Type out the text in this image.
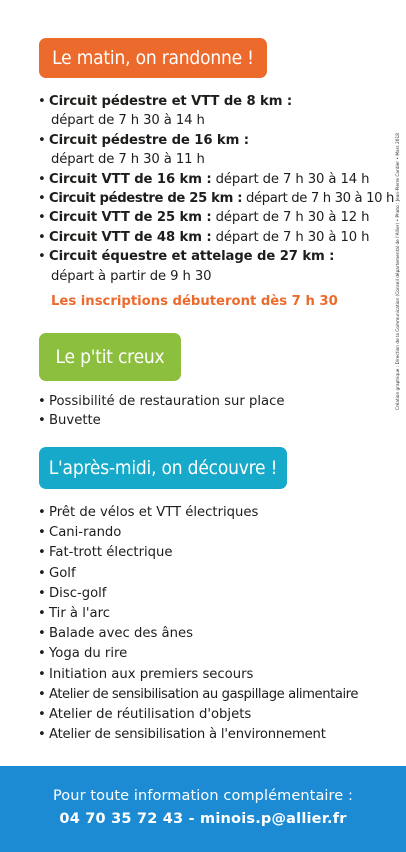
Le matin, on randonne !
• Circuit pédestre et VTT de 8 km :
départ de 7 h 30 à 14 h
• Circuit pédestre de 16 km :
départ de 7 h 30 à 11 h
• Circuit VTT de 16 km : départ de 7 h 30 à 14 h
• Circuit pédestre de 25 km : départ de 7 h 30 à 10 h
• Circuit VTT de 25 km : départ de 7 h 30 à 12 h
• Circuit VTT de 48 km : départ de 7 h 30 à 10 h
• Circuit équestre et attelage de 27 km :
départ à partir de 9 h 30
Les inscriptions débuteront dès 7 h 30
Le p'tit creux
• Possibilité de restauration sur place
• Buvette
L'après-midi, on découvre !
• Prêt de vélos et VTT électriques
• Cani-rando
• Fat-trott électrique
• Golf
• Disc-golf
• Tir à l'arc
• Balade avec des ânes
• Yoga du rire
• Initiation aux premiers secours
• Atelier de sensibilisation au gaspillage alimentaire
• Atelier de réutilisation d'objets
• Atelier de sensibilisation à l'environnement
Création graphique : Direction de la Communication (Conseil départemental de l'Allier) • Photo : Jean-Pierre Cardier • Mars 2018
Pour toute information complémentaire :
04 70 35 72 43 - minois.p@allier.fr
